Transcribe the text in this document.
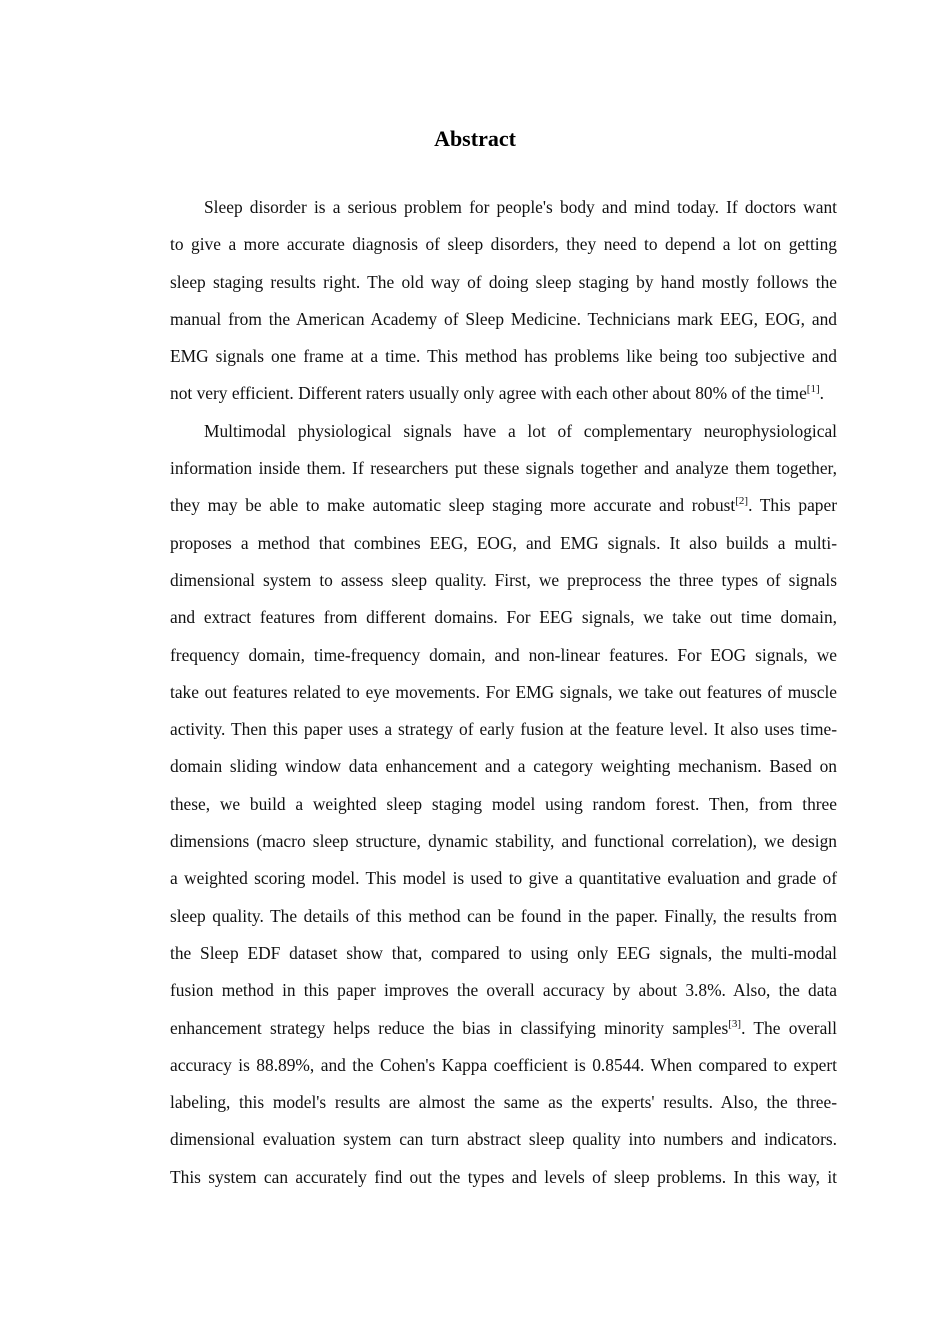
Abstract
Sleep disorder is a serious problem for people's body and mind today. If doctors want
to give a more accurate diagnosis of sleep disorders, they need to depend a lot on getting
sleep staging results right. The old way of doing sleep staging by hand mostly follows the
manual from the American Academy of Sleep Medicine. Technicians mark EEG, EOG, and
EMG signals one frame at a time. This method has problems like being too subjective and
not very efficient. Different raters usually only agree with each other about 80% of the time[1].
Multimodal physiological signals have a lot of complementary neurophysiological
information inside them. If researchers put these signals together and analyze them together,
they may be able to make automatic sleep staging more accurate and robust[2]. This paper
proposes a method that combines EEG, EOG, and EMG signals. It also builds a multi-
dimensional system to assess sleep quality. First, we preprocess the three types of signals
and extract features from different domains. For EEG signals, we take out time domain,
frequency domain, time-frequency domain, and non-linear features. For EOG signals, we
take out features related to eye movements. For EMG signals, we take out features of muscle
activity. Then this paper uses a strategy of early fusion at the feature level. It also uses time-
domain sliding window data enhancement and a category weighting mechanism. Based on
these, we build a weighted sleep staging model using random forest. Then, from three
dimensions (macro sleep structure, dynamic stability, and functional correlation), we design
a weighted scoring model. This model is used to give a quantitative evaluation and grade of
sleep quality. The details of this method can be found in the paper. Finally, the results from
the Sleep EDF dataset show that, compared to using only EEG signals, the multi-modal
fusion method in this paper improves the overall accuracy by about 3.8%. Also, the data
enhancement strategy helps reduce the bias in classifying minority samples[3]. The overall
accuracy is 88.89%, and the Cohen's Kappa coefficient is 0.8544. When compared to expert
labeling, this model's results are almost the same as the experts' results. Also, the three-
dimensional evaluation system can turn abstract sleep quality into numbers and indicators.
This system can accurately find out the types and levels of sleep problems. In this way, it
